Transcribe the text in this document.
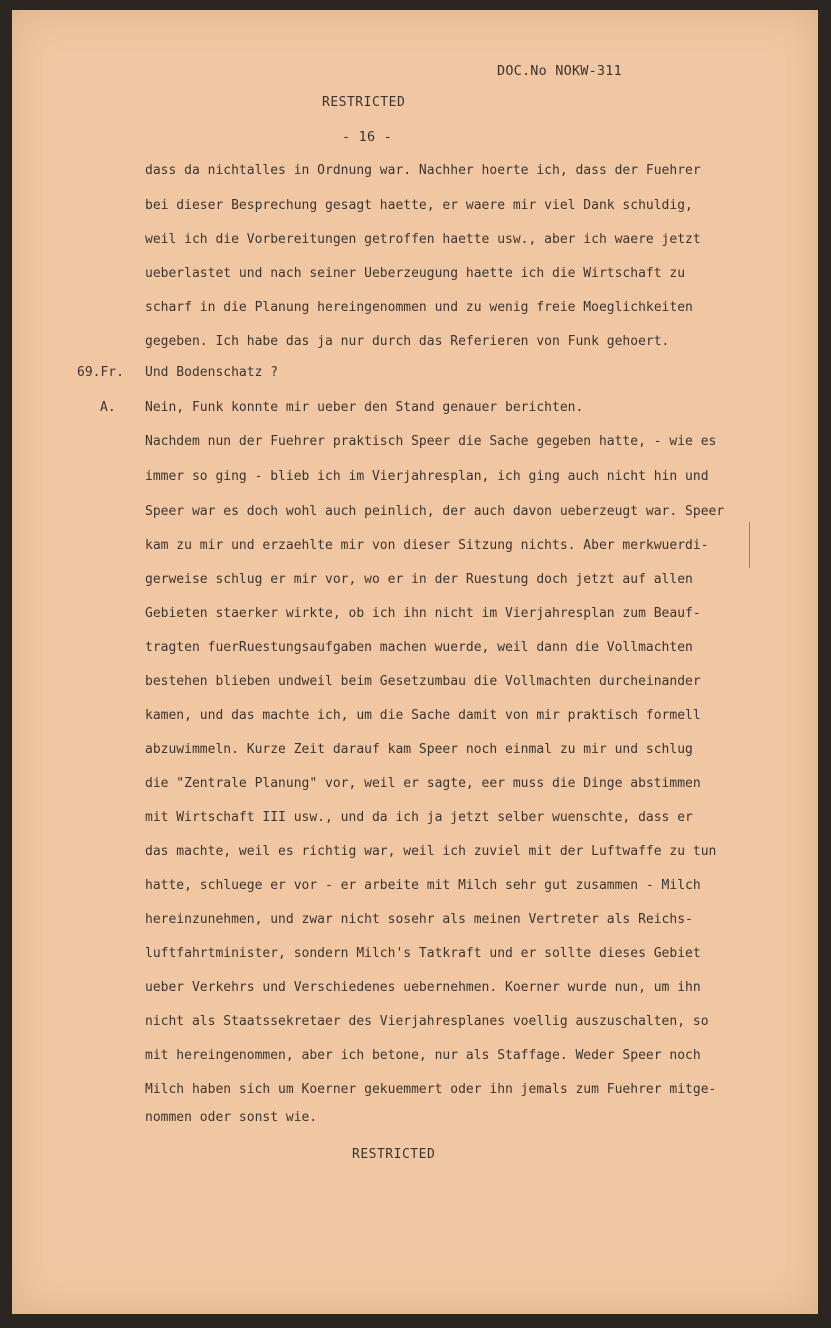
DOC.No NOKW-311
RESTRICTED
- 16 -
dass da nichtalles in Ordnung war. Nachher hoerte ich, dass der Fuehrer
bei dieser Besprechung gesagt haette, er waere mir viel Dank schuldig,
weil ich die Vorbereitungen getroffen haette usw., aber ich waere jetzt
ueberlastet und nach seiner Ueberzeugung haette ich die Wirtschaft zu
scharf in die Planung hereingenommen und zu wenig freie Moeglichkeiten
gegeben. Ich habe das ja nur durch das Referieren von Funk gehoert.
69.Fr. Und Bodenschatz ?
A. Nein, Funk konnte mir ueber den Stand genauer berichten.
Nachdem nun der Fuehrer praktisch Speer die Sache gegeben hatte, - wie es
immer so ging - blieb ich im Vierjahresplan, ich ging auch nicht hin und
Speer war es doch wohl auch peinlich, der auch davon ueberzeugt war. Speer
kam zu mir und erzaehlte mir von dieser Sitzung nichts. Aber merkwuerdi-
gerweise schlug er mir vor, wo er in der Ruestung doch jetzt auf allen
Gebieten staerker wirkte, ob ich ihn nicht im Vierjahresplan zum Beauf-
tragten fuerRuestungsaufgaben machen wuerde, weil dann die Vollmachten
bestehen blieben undweil beim Gesetzumbau die Vollmachten durcheinander
kamen, und das machte ich, um die Sache damit von mir praktisch formell
abzuwimmeln. Kurze Zeit darauf kam Speer noch einmal zu mir und schlug
die "Zentrale Planung" vor, weil er sagte, eer muss die Dinge abstimmen
mit Wirtschaft III usw., und da ich ja jetzt selber wuenschte, dass er
das machte, weil es richtig war, weil ich zuviel mit der Luftwaffe zu tun
hatte, schluege er vor - er arbeite mit Milch sehr gut zusammen - Milch
hereinzunehmen, und zwar nicht sosehr als meinen Vertreter als Reichs-
luftfahrtminister, sondern Milch's Tatkraft und er sollte dieses Gebiet
ueber Verkehrs und Verschiedenes uebernehmen. Koerner wurde nun, um ihn
nicht als Staatssekretaer des Vierjahresplanes voellig auszuschalten, so
mit hereingenommen, aber ich betone, nur als Staffage. Weder Speer noch
Milch haben sich um Koerner gekuemmert oder ihn jemals zum Fuehrer mitge-
nommen oder sonst wie.
RESTRICTED
